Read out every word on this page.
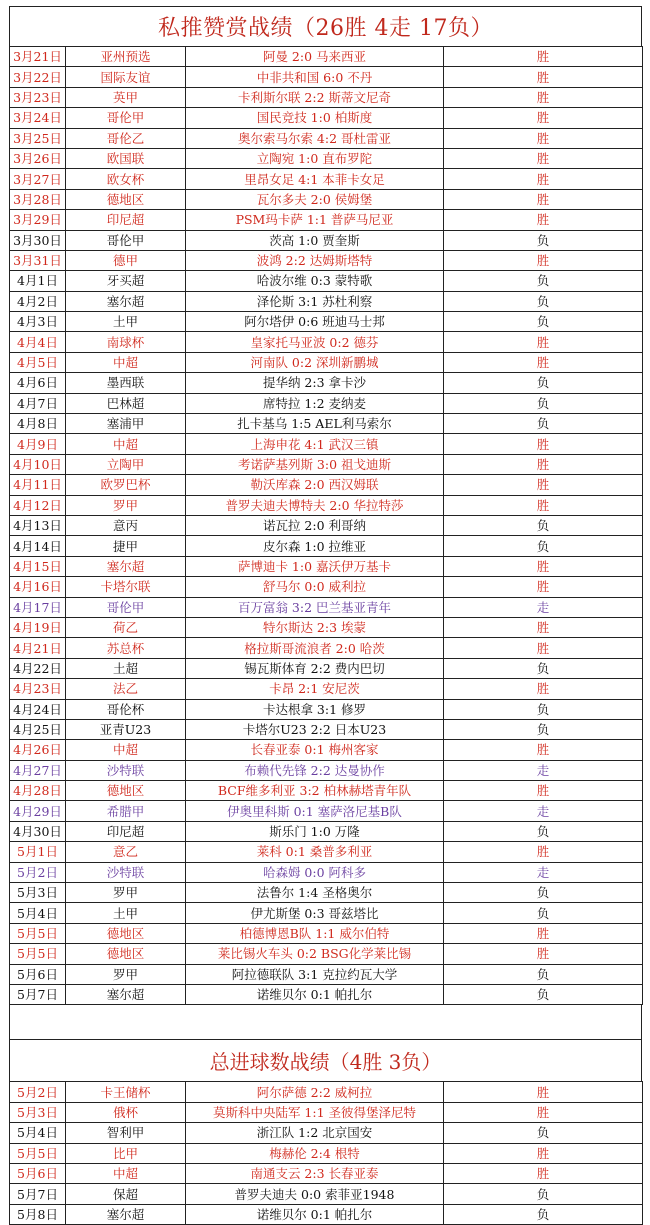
私推赞赏战绩（26胜 4走 17负）
3月21日	亚州预选	阿曼 2:0 马来西亚	胜
3月22日	国际友谊	中非共和国 6:0 不丹	胜
3月23日	英甲	卡利斯尔联 2:2 斯蒂文尼奇	胜
3月24日	哥伦甲	国民竞技 1:0 柏斯度	胜
3月25日	哥伦乙	奥尔索马尔索 4:2 哥杜雷亚	胜
3月26日	欧国联	立陶宛 1:0 直布罗陀	胜
3月27日	欧女杯	里昂女足 4:1 本菲卡女足	胜
3月28日	德地区	瓦尔多夫 2:0 侯姆堡	胜
3月29日	印尼超	PSM玛卡萨 1:1 普萨马尼亚	胜
3月30日	哥伦甲	茨高 1:0 贾奎斯	负
3月31日	德甲	波鸿 2:2 达姆斯塔特	胜
4月1日	牙买超	哈波尔维 0:3 蒙特歌	负
4月2日	塞尔超	泽伦斯 3:1 苏杜利察	负
4月3日	土甲	阿尔塔伊 0:6 班迪马士邦	负
4月4日	南球杯	皇家托马亚波 0:2 德芬	胜
4月5日	中超	河南队 0:2 深圳新鹏城	胜
4月6日	墨西联	提华纳 2:3 拿卡沙	负
4月7日	巴林超	席特拉 1:2 麦纳麦	负
4月8日	塞浦甲	扎卡基乌 1:5 AEL利马索尔	负
4月9日	中超	上海申花 4:1 武汉三镇	胜
4月10日	立陶甲	考诺萨基列斯 3:0 祖戈迪斯	胜
4月11日	欧罗巴杯	勒沃库森 2:0 西汉姆联	胜
4月12日	罗甲	普罗夫迪夫博特夫 2:0 华拉特莎	胜
4月13日	意丙	诺瓦拉 2:0 利哥纳	负
4月14日	捷甲	皮尔森 1:0 拉维亚	负
4月15日	塞尔超	萨博迪卡 1:0 嘉沃伊万基卡	胜
4月16日	卡塔尔联	舒马尔 0:0 威利拉	胜
4月17日	哥伦甲	百万富翁 3:2 巴兰基亚青年	走
4月19日	荷乙	特尔斯达 2:3 埃蒙	胜
4月21日	苏总杯	格拉斯哥流浪者 2:0 哈茨	胜
4月22日	土超	锡瓦斯体育 2:2 费内巴切	负
4月23日	法乙	卡昂 2:1 安尼茨	胜
4月24日	哥伦杯	卡达根拿 3:1 修罗	负
4月25日	亚青U23	卡塔尔U23 2:2 日本U23	负
4月26日	中超	长春亚泰 0:1 梅州客家	胜
4月27日	沙特联	布赖代先锋 2:2 达曼协作	走
4月28日	德地区	BCF维多利亚 3:2 柏林赫塔青年队	胜
4月29日	希腊甲	伊奥里科斯 0:1 塞萨洛尼基B队	走
4月30日	印尼超	斯乐门 1:0 万隆	负
5月1日	意乙	莱科 0:1 桑普多利亚	胜
5月2日	沙特联	哈森姆 0:0 阿科多	走
5月3日	罗甲	法鲁尔 1:4 圣格奥尔	负
5月4日	土甲	伊尤斯堡 0:3 哥兹塔比	负
5月5日	德地区	柏德博恩B队 1:1 威尔伯特	胜
5月5日	德地区	莱比锡火车头 0:2 BSG化学莱比锡	胜
5月6日	罗甲	阿拉德联队 3:1 克拉约瓦大学	负
5月7日	塞尔超	诺维贝尔 0:1 帕扎尔	负
总进球数战绩（4胜 3负）
5月2日	卡王储杯	阿尔萨德 2:2 威柯拉	胜
5月3日	俄杯	莫斯科中央陆军 1:1 圣彼得堡泽尼特	胜
5月4日	智利甲	浙江队 1:2 北京国安	负
5月5日	比甲	梅赫伦 2:4 根特	胜
5月6日	中超	南通支云 2:3 长春亚泰	胜
5月7日	保超	普罗夫迪夫 0:0 索菲亚1948	负
5月8日	塞尔超	诺维贝尔 0:1 帕扎尔	负
